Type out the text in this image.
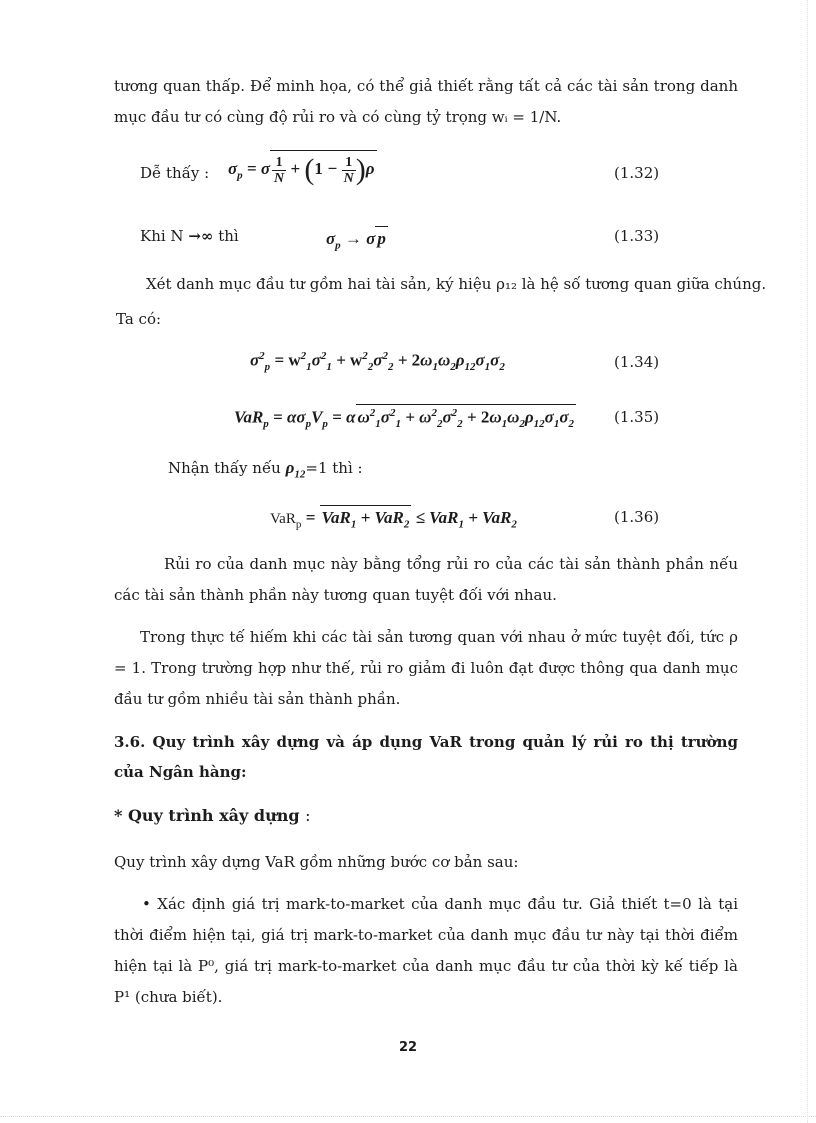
tương quan thấp. Để minh họa, có thể giả thiết rằng tất cả các tài sản trong danh mục đầu tư có cùng độ rủi ro và có cùng tỷ trọng wᵢ = 1/N.

Dễ thấy : $\sigma_p = \sigma \frac{1}{N} + (1 - \frac{1}{N} )\rho$	(1.32)
Khi N →∞ thì	$\sigma_p \to \sigma$ p	(1.33)
Xét danh mục đầu tư gồm hai tài sản, ký hiệu ρ₁₂ là hệ số tương quan giữa chúng.
Ta có:
$\sigma^2_p = w^2_1\sigma^2_1 + w^2_2\sigma^2_2 + 2\omega_1\omega_2\rho_{12}\sigma_1\sigma_2$	(1.34)
$VaR_p = \alpha\sigma_pV_p = \alpha$ $\omega^2_1\sigma^2_1 + \omega^2_2\sigma^2_2 + 2\omega_1\omega_2\rho_{12}\sigma_1\sigma_2$	(1.35)
Nhận thấy nếu $\rho_{12}=1$ thì :
VaR$_p$ = VaR$_1$ + VaR$_2$ ≤ VaR$_1$ + VaR$_2$	(1.36)

Rủi ro của danh mục này bằng tổng rủi ro của các tài sản thành phần nếu các tài sản thành phần này tương quan tuyệt đối với nhau.

Trong thực tế hiếm khi các tài sản tương quan với nhau ở mức tuyệt đối, tức ρ = 1. Trong trường hợp như thế, rủi ro giảm đi luôn đạt được thông qua danh mục đầu tư gồm nhiều tài sản thành phần.

3.6. Quy trình xây dựng và áp dụng VaR trong quản lý rủi ro thị trường của Ngân hàng:
* Quy trình xây dựng :
Quy trình xây dựng VaR gồm những bước cơ bản sau:

• Xác định giá trị mark-to-market của danh mục đầu tư. Giả thiết t=0 là tại thời điểm hiện tại, giá trị mark-to-market của danh mục đầu tư này tại thời điểm hiện tại là P⁰, giá trị mark-to-market của danh mục đầu tư của thời kỳ kế tiếp là P¹ (chưa biết).

22
